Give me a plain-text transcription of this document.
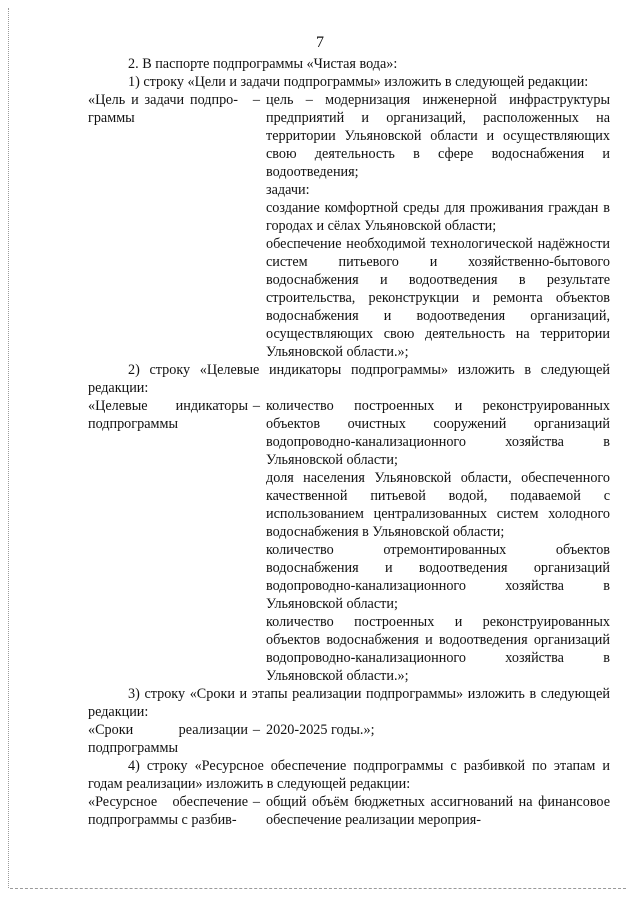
7

2. В паспорте подпрограммы «Чистая вода»:

1) строку «Цели и задачи подпрограммы» изложить в следующей редакции:

«Цель и задачи подпро-граммы
– цель – модернизация инженерной инфраструктуры предприятий и организаций, расположенных на территории Ульяновской области и осуществляющих свою деятельность в сфере водоснабжения и водоотведения;

задачи:

создание комфортной среды для проживания граждан в городах и сёлах Ульяновской области;

обеспечение необходимой технологической надёжности систем питьевого и хозяйственно-бытового водоснабжения и водоотведения в результате строительства, реконструкции и ремонта объектов водоснабжения и водоотведения организаций, осуществляющих свою деятельность на территории Ульяновской области.»;

2) строку «Целевые индикаторы подпрограммы» изложить в следующей редакции:

«Целевые индикаторы подпрограммы
– количество построенных и реконструированных объектов очистных сооружений организаций водопроводно-канализационного хозяйства в Ульяновской области;

доля населения Ульяновской области, обеспеченного качественной питьевой водой, подаваемой с использованием централизованных систем холодного водоснабжения в Ульяновской области;

количество отремонтированных объектов водоснабжения и водоотведения организаций водопроводно-канализационного хозяйства в Ульяновской области;

количество построенных и реконструированных объектов водоснабжения и водоотведения организаций водопроводно-канализационного хозяйства в Ульяновской области.»;

3) строку «Сроки и этапы реализации подпрограммы» изложить в следующей редакции:

«Сроки реализации подпрограммы
– 2020-2025 годы.»;

4) строку «Ресурсное обеспечение подпрограммы с разбивкой по этапам и годам реализации» изложить в следующей редакции:

«Ресурсное обеспечение подпрограммы с разбив-
– общий объём бюджетных ассигнований на финансовое обеспечение реализации мероприя-
